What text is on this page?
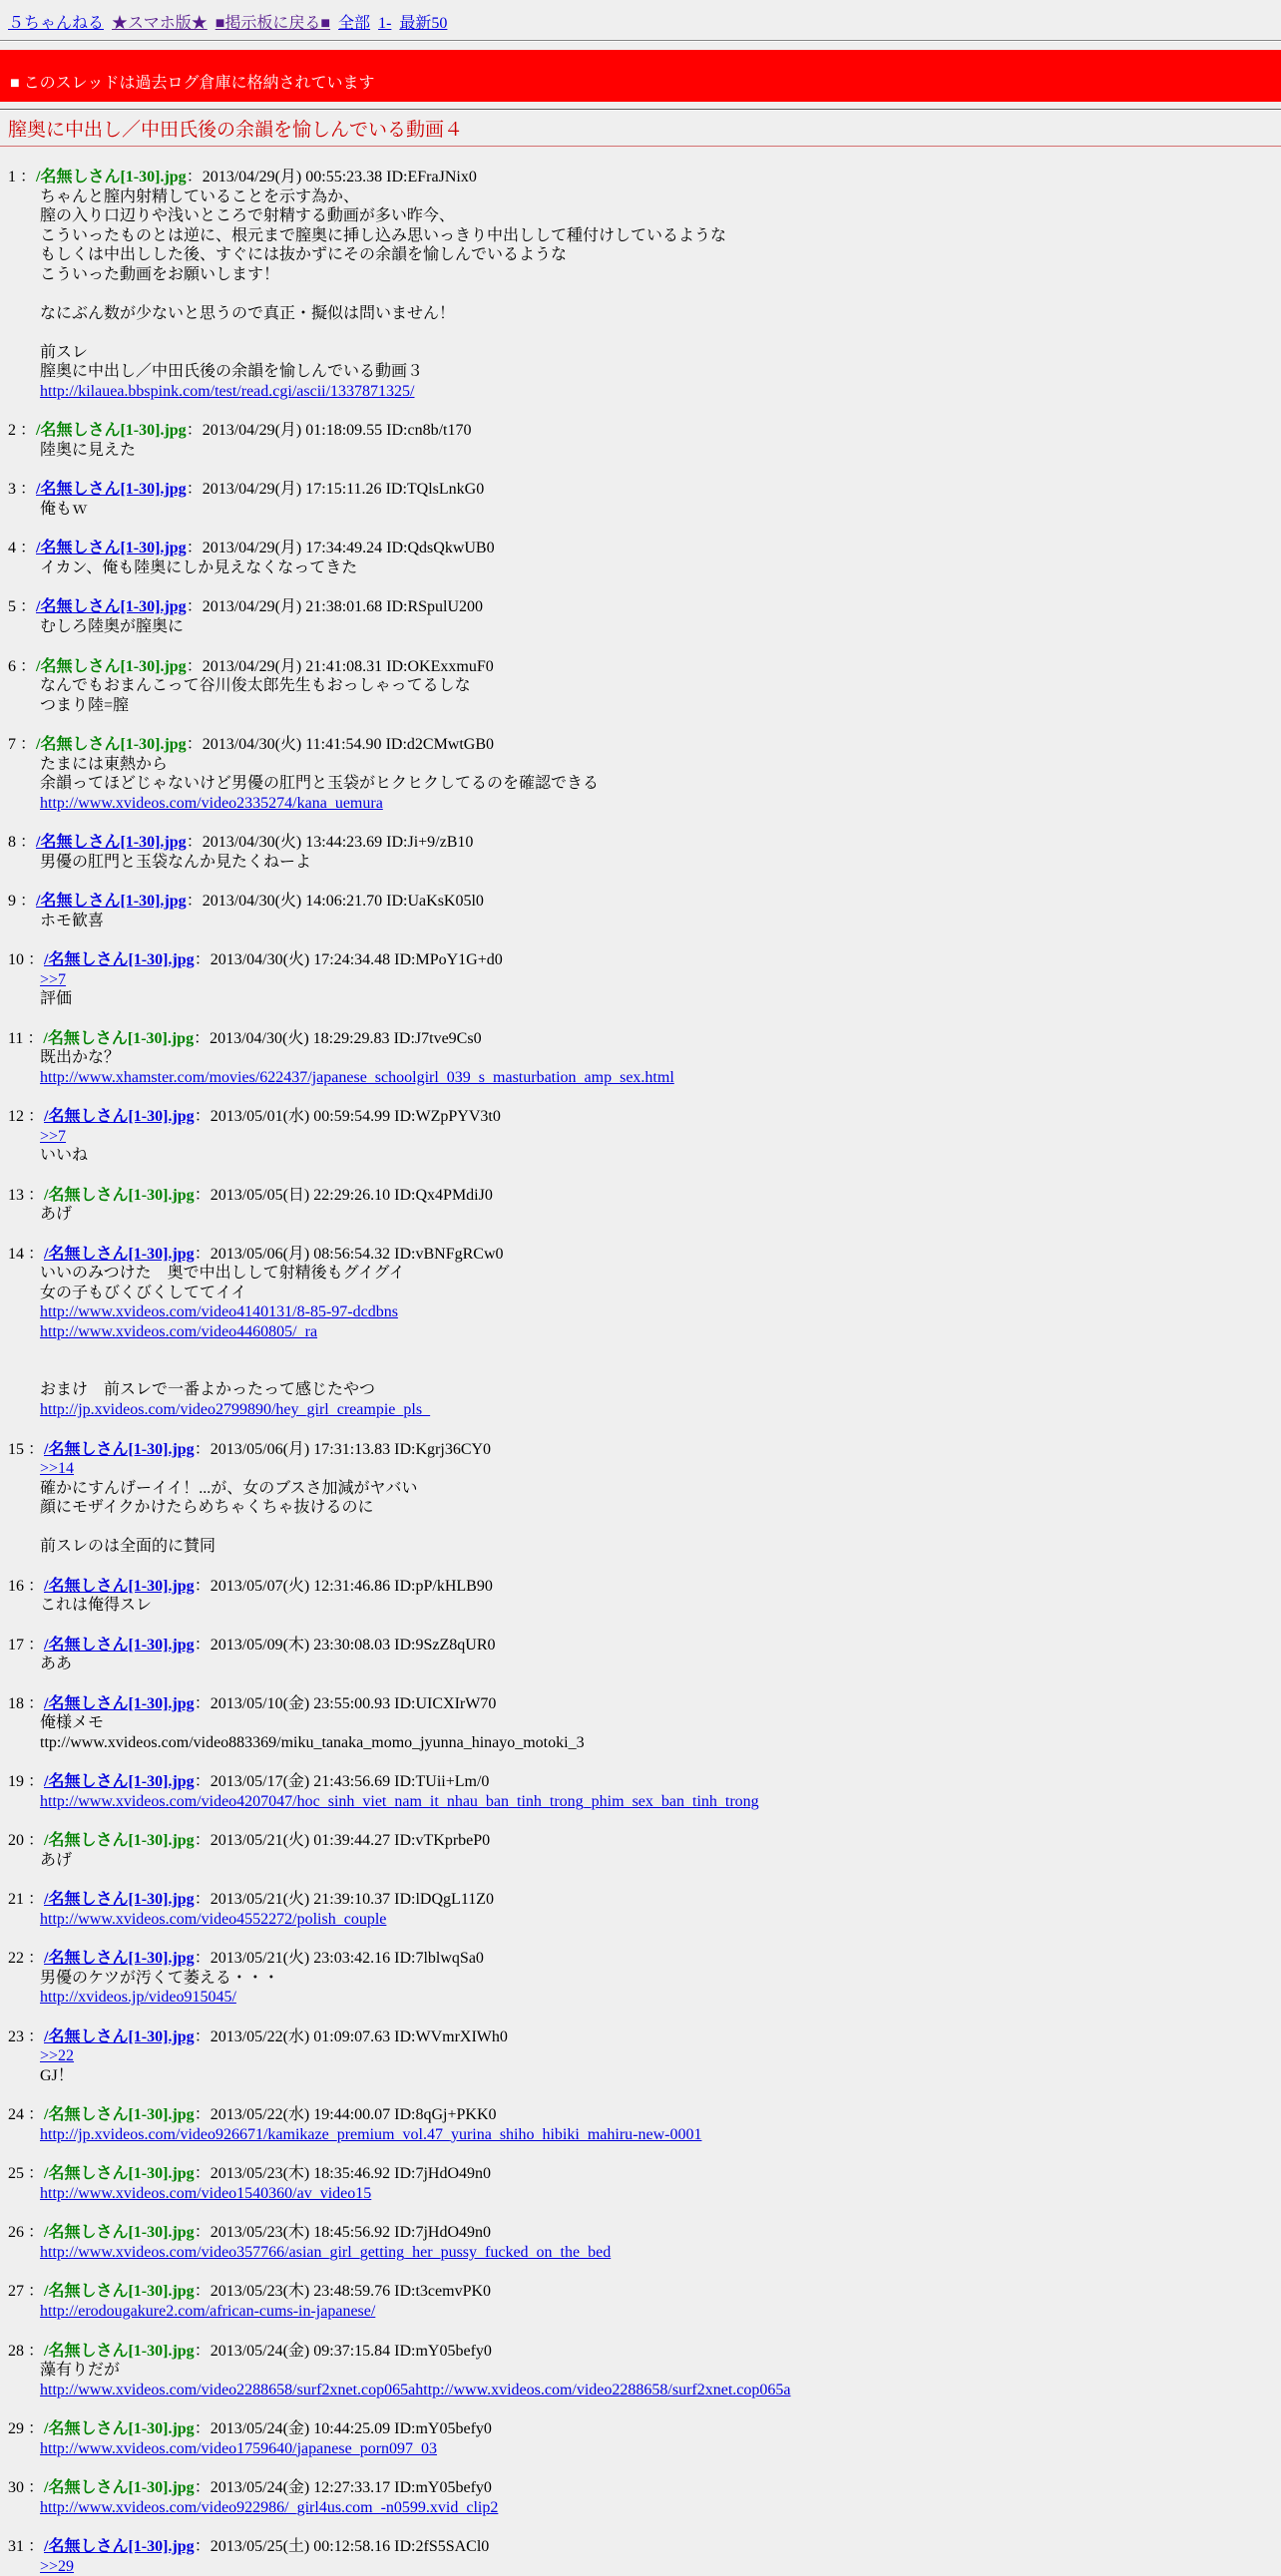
５ちゃんねる ★スマホ版★ ■掲示板に戻る■ 全部 1- 最新50
■ このスレッドは過去ログ倉庫に格納されています
膣奥に中出し／中田氏後の余韻を愉しんでいる動画４
1 ：/名無しさん[1-30].jpg：2013/04/29(月) 00:55:23.38 ID:EFraJNix0
ちゃんと膣内射精していることを示す為か、
膣の入り口辺りや浅いところで射精する動画が多い昨今、
こういったものとは逆に、根元まで膣奥に挿し込み思いっきり中出しして種付けしているような
もしくは中出しした後、すぐには抜かずにその余韻を愉しんでいるような
こういった動画をお願いします！

なにぶん数が少ないと思うので真正・擬似は問いません！

前スレ
膣奥に中出し／中田氏後の余韻を愉しんでいる動画３
http://kilauea.bbspink.com/test/read.cgi/ascii/1337871325/
2 ：/名無しさん[1-30].jpg：2013/04/29(月) 01:18:09.55 ID:cn8b/t170
陸奥に見えた
3 ：/名無しさん[1-30].jpg：2013/04/29(月) 17:15:11.26 ID:TQlsLnkG0
俺もｗ
4 ：/名無しさん[1-30].jpg：2013/04/29(月) 17:34:49.24 ID:QdsQkwUB0
イカン、俺も陸奥にしか見えなくなってきた
5 ：/名無しさん[1-30].jpg：2013/04/29(月) 21:38:01.68 ID:RSpulU200
むしろ陸奥が膣奥に
6 ：/名無しさん[1-30].jpg：2013/04/29(月) 21:41:08.31 ID:OKExxmuF0
なんでもおまんこって谷川俊太郎先生もおっしゃってるしな
つまり陸=膣
7 ：/名無しさん[1-30].jpg：2013/04/30(火) 11:41:54.90 ID:d2CMwtGB0
たまには東熱から
余韻ってほどじゃないけど男優の肛門と玉袋がヒクヒクしてるのを確認できる
http://www.xvideos.com/video2335274/kana_uemura
8 ：/名無しさん[1-30].jpg：2013/04/30(火) 13:44:23.69 ID:Ji+9/zB10
男優の肛門と玉袋なんか見たくねーよ
9 ：/名無しさん[1-30].jpg：2013/04/30(火) 14:06:21.70 ID:UaKsK05l0
ホモ歓喜
10 ：/名無しさん[1-30].jpg：2013/04/30(火) 17:24:34.48 ID:MPoY1G+d0
>>7
評価
11 ：/名無しさん[1-30].jpg：2013/04/30(火) 18:29:29.83 ID:J7tve9Cs0
既出かな？
http://www.xhamster.com/movies/622437/japanese_schoolgirl_039_s_masturbation_amp_sex.html
12 ：/名無しさん[1-30].jpg：2013/05/01(水) 00:59:54.99 ID:WZpPYV3t0
>>7
いいね
13 ：/名無しさん[1-30].jpg：2013/05/05(日) 22:29:26.10 ID:Qx4PMdiJ0
あげ
14 ：/名無しさん[1-30].jpg：2013/05/06(月) 08:56:54.32 ID:vBNFgRCw0
いいのみつけた　奥で中出しして射精後もグイグイ
女の子もびくびくしててイイ
http://www.xvideos.com/video4140131/8-85-97-dcdbns
http://www.xvideos.com/video4460805/_ra

おまけ　前スレで一番よかったって感じたやつ
http://jp.xvideos.com/video2799890/hey_girl_creampie_pls_
15 ：/名無しさん[1-30].jpg：2013/05/06(月) 17:31:13.83 ID:Kgrj36CY0
>>14
確かにすんげーイイ！...が、女のブスさ加減がヤバい
顔にモザイクかけたらめちゃくちゃ抜けるのに

前スレのは全面的に賛同
16 ：/名無しさん[1-30].jpg：2013/05/07(火) 12:31:46.86 ID:pP/kHLB90
これは俺得スレ
17 ：/名無しさん[1-30].jpg：2013/05/09(木) 23:30:08.03 ID:9SzZ8qUR0
ああ
18 ：/名無しさん[1-30].jpg：2013/05/10(金) 23:55:00.93 ID:UICXIrW70
俺様メモ
ttp://www.xvideos.com/video883369/miku_tanaka_momo_jyunna_hinayo_motoki_3
19 ：/名無しさん[1-30].jpg：2013/05/17(金) 21:43:56.69 ID:TUii+Lm/0
http://www.xvideos.com/video4207047/hoc_sinh_viet_nam_it_nhau_ban_tinh_trong_phim_sex_ban_tinh_trong
20 ：/名無しさん[1-30].jpg：2013/05/21(火) 01:39:44.27 ID:vTKprbeP0
あげ
21 ：/名無しさん[1-30].jpg：2013/05/21(火) 21:39:10.37 ID:lDQgL11Z0
http://www.xvideos.com/video4552272/polish_couple
22 ：/名無しさん[1-30].jpg：2013/05/21(火) 23:03:42.16 ID:7lblwqSa0
男優のケツが汚くて萎える・・・
http://xvideos.jp/video915045/
23 ：/名無しさん[1-30].jpg：2013/05/22(水) 01:09:07.63 ID:WVmrXIWh0
>>22
GJ！
24 ：/名無しさん[1-30].jpg：2013/05/22(水) 19:44:00.07 ID:8qGj+PKK0
http://jp.xvideos.com/video926671/kamikaze_premium_vol.47_yurina_shiho_hibiki_mahiru-new-0001
25 ：/名無しさん[1-30].jpg：2013/05/23(木) 18:35:46.92 ID:7jHdO49n0
http://www.xvideos.com/video1540360/av_video15
26 ：/名無しさん[1-30].jpg：2013/05/23(木) 18:45:56.92 ID:7jHdO49n0
http://www.xvideos.com/video357766/asian_girl_getting_her_pussy_fucked_on_the_bed
27 ：/名無しさん[1-30].jpg：2013/05/23(木) 23:48:59.76 ID:t3cemvPK0
http://erodougakure2.com/african-cums-in-japanese/
28 ：/名無しさん[1-30].jpg：2013/05/24(金) 09:37:15.84 ID:mY05befy0
藻有りだが
http://www.xvideos.com/video2288658/surf2xnet.cop065ahttp://www.xvideos.com/video2288658/surf2xnet.cop065a
29 ：/名無しさん[1-30].jpg：2013/05/24(金) 10:44:25.09 ID:mY05befy0
http://www.xvideos.com/video1759640/japanese_porn097_03
30 ：/名無しさん[1-30].jpg：2013/05/24(金) 12:27:33.17 ID:mY05befy0
http://www.xvideos.com/video922986/_girl4us.com_-n0599.xvid_clip2
31 ：/名無しさん[1-30].jpg：2013/05/25(土) 00:12:58.16 ID:2fS5SACl0
>>29
